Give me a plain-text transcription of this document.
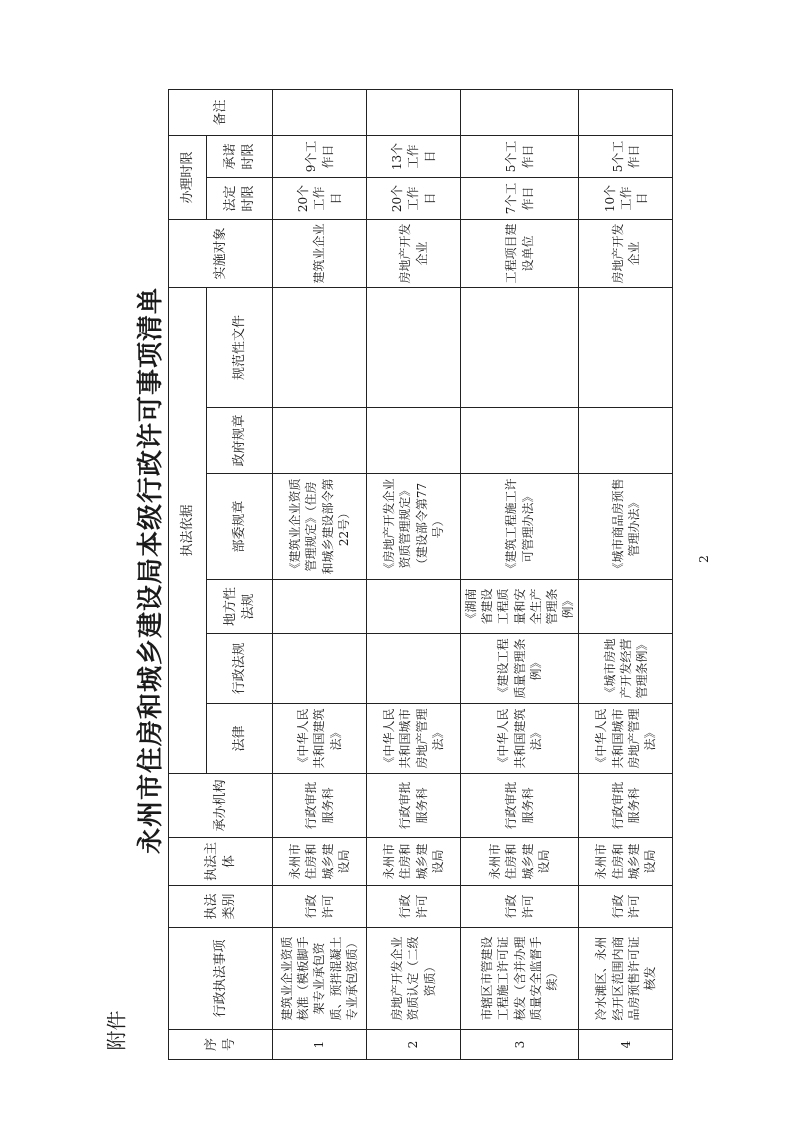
附件
永州市住房和城乡建设局本级行政许可事项清单	2
序号	行政执法事项	执法类别	执法主体	承办机构	执法依据						实施对象	办理时限		备注
					法律	行政法规	地方性法规	部委规章	政府规章	规范性文件		法定时限	承诺时限	

1	建筑业企业资质核准（模板脚手架专业承包资质、预拌混凝土专业承包资质）	行政许可	永州市住房和城乡建设局	行政审批服务科	《中华人民共和国建筑法》			《建筑业企业资质管理规定》（住房和城乡建设部令第22号）			建筑业企业	20个工作日	9个工作日	
2	房地产开发企业资质认定（二级资质）	行政许可	永州市住房和城乡建设局	行政审批服务科	《中华人民共和国城市房地产管理法》			《房地产开发企业资质管理规定》（建设部令第77号）			房地产开发企业	20个工作日	13个工作日	
3	市辖区市管建设工程施工许可证核发（含并办理质量安全监督手续）	行政许可	永州市住房和城乡建设局	行政审批服务科	《中华人民共和国建筑法》	《建设工程质量管理条例》	《湖南省建设工程质量和安全生产管理条例》	《建筑工程施工许可管理办法》			工程项目建设单位	7个工作日	5个工作日	
4	冷水滩区、永州经开区范围内商品房预售许可证核发	行政许可	永州市住房和城乡建设局	行政审批服务科	《中华人民共和国城市房地产管理法》	《城市房地产开发经营管理条例》		《城市商品房预售管理办法》			房地产开发企业	10个工作日	5个工作日	
